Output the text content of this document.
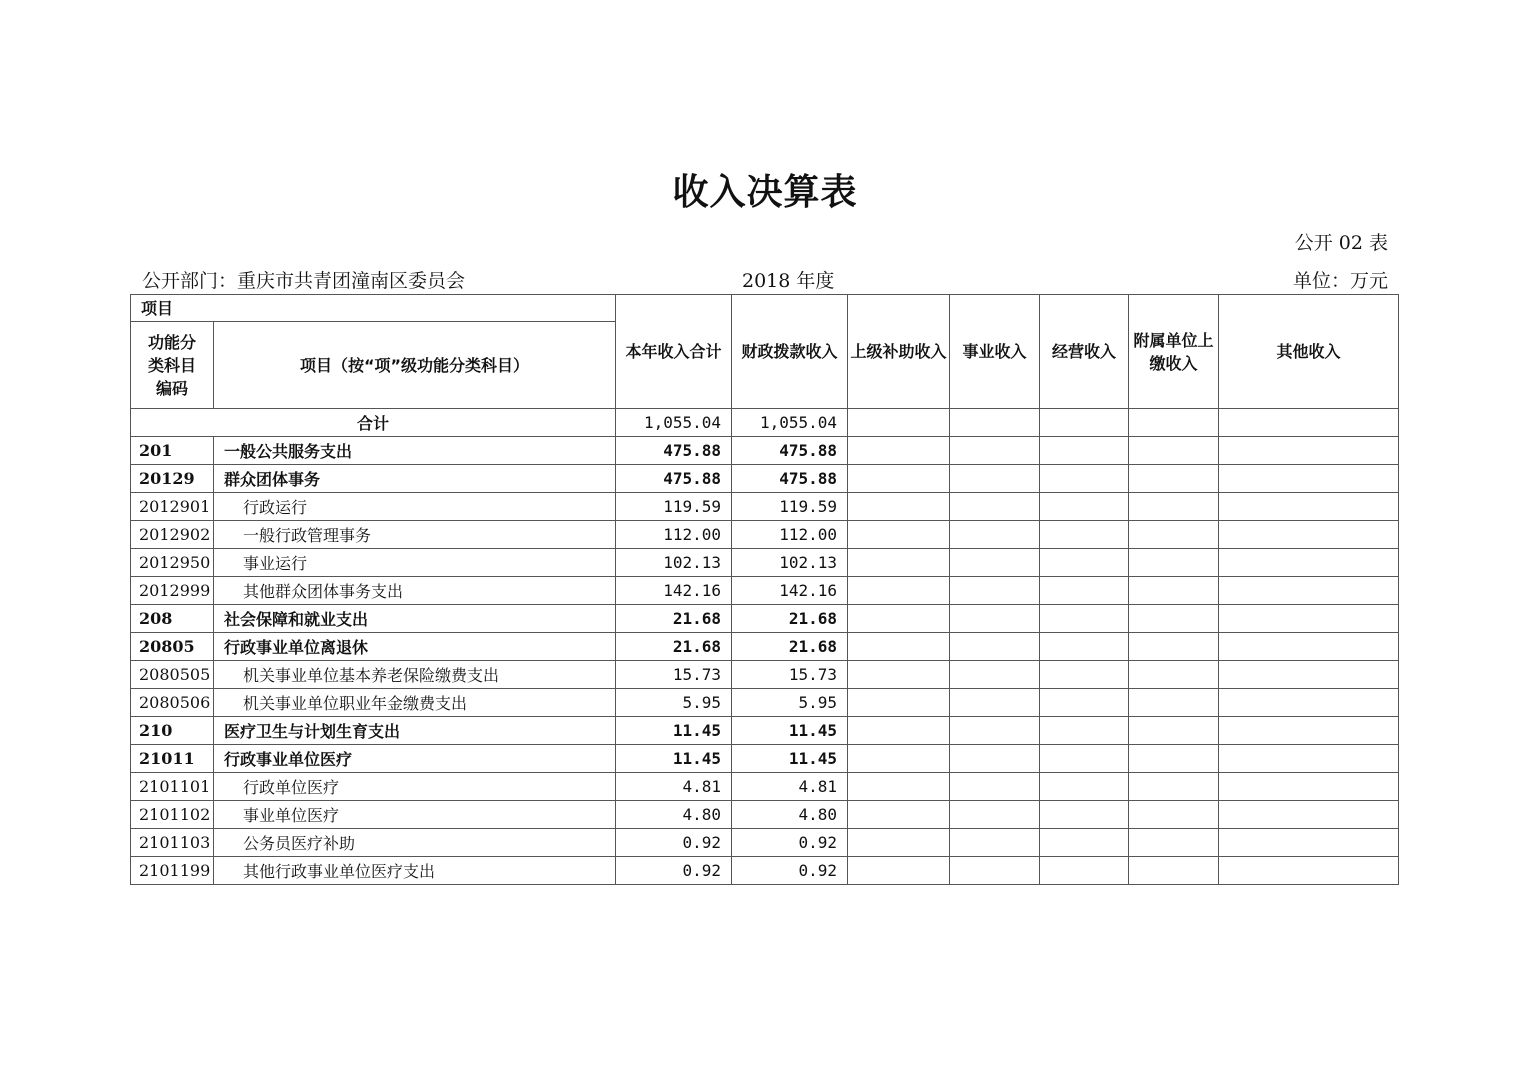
收入决算表
公开 02 表
公开部门：重庆市共青团潼南区委员会	2018 年度	单位：万元
项目		本年收入合计	财政拨款收入	上级补助收入	事业收入	经营收入	附属单位上缴收入	其他收入
功能分类科目编码	项目（按“项”级功能分类科目）							
合计		1,055.04	1,055.04					
201	一般公共服务支出	475.88	475.88					
20129	群众团体事务	475.88	475.88					
2012901	行政运行	119.59	119.59					
2012902	一般行政管理事务	112.00	112.00					
2012950	事业运行	102.13	102.13					
2012999	其他群众团体事务支出	142.16	142.16					
208	社会保障和就业支出	21.68	21.68					
20805	行政事业单位离退休	21.68	21.68					
2080505	机关事业单位基本养老保险缴费支出	15.73	15.73					
2080506	机关事业单位职业年金缴费支出	5.95	5.95					
210	医疗卫生与计划生育支出	11.45	11.45					
21011	行政事业单位医疗	11.45	11.45					
2101101	行政单位医疗	4.81	4.81					
2101102	事业单位医疗	4.80	4.80					
2101103	公务员医疗补助	0.92	0.92					
2101199	其他行政事业单位医疗支出	0.92	0.92					
